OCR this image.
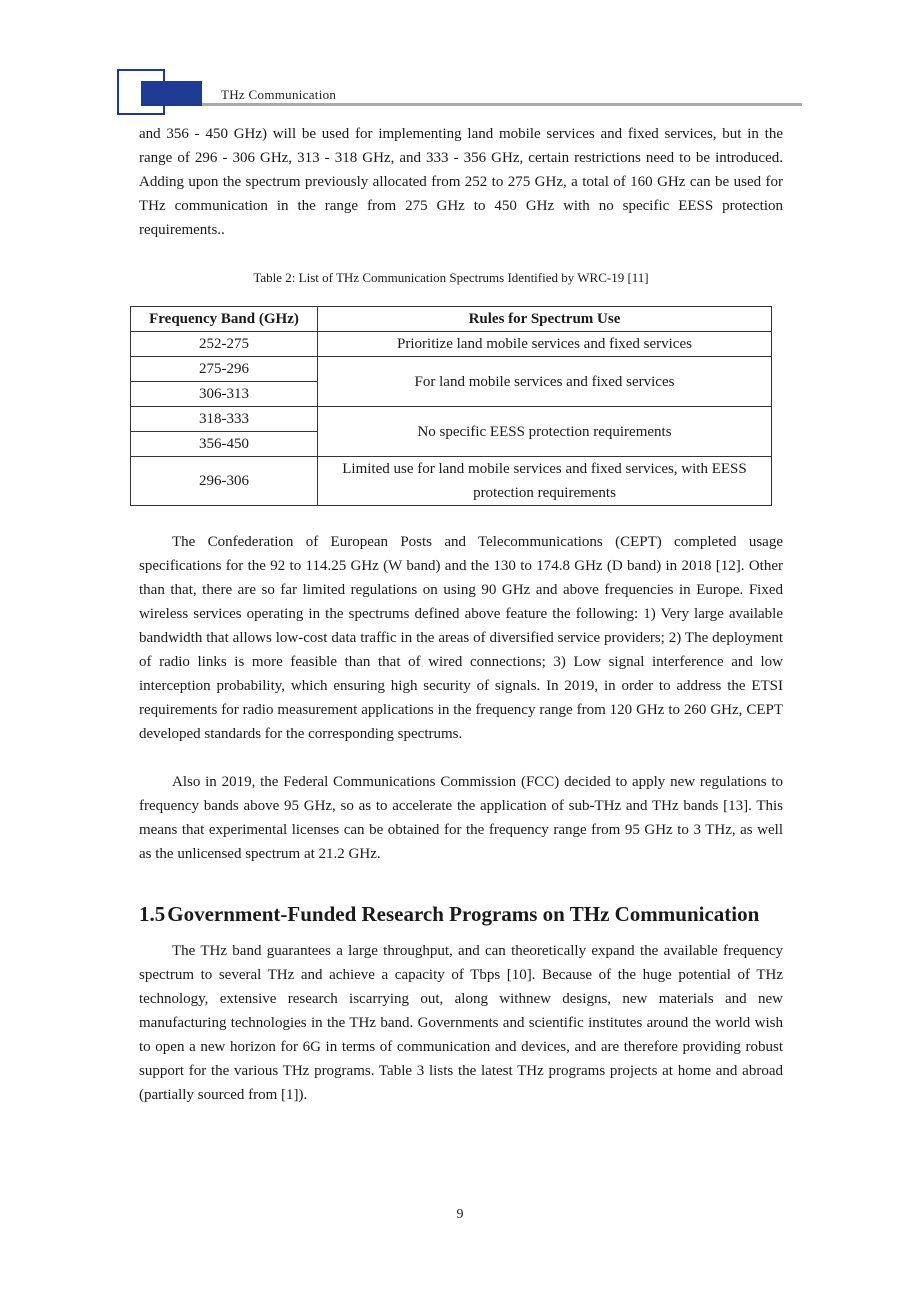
THz Communication

and 356 - 450 GHz) will be used for implementing land mobile services and fixed services, but in the range of 296 - 306 GHz, 313 - 318 GHz, and 333 - 356 GHz, certain restrictions need to be introduced. Adding upon the spectrum previously allocated from 252 to 275 GHz, a total of 160 GHz can be used for THz communication in the range from 275 GHz to 450 GHz with no specific EESS protection requirements..

Table 2: List of THz Communication Spectrums Identified by WRC-19 [11]
Frequency Band (GHz)	Rules for Spectrum Use
252-275	Prioritize land mobile services and fixed services
275-296	For land mobile services and fixed services
306-313	
318-333	No specific EESS protection requirements
356-450	
296-306	Limited use for land mobile services and fixed services, with EESS protection requirements

The Confederation of European Posts and Telecommunications (CEPT) completed usage specifications for the 92 to 114.25 GHz (W band) and the 130 to 174.8 GHz (D band) in 2018 [12]. Other than that, there are so far limited regulations on using 90 GHz and above frequencies in Europe. Fixed wireless services operating in the spectrums defined above feature the following: 1) Very large available bandwidth that allows low-cost data traffic in the areas of diversified service providers; 2) The deployment of radio links is more feasible than that of wired connections; 3) Low signal interference and low interception probability, which ensuring high security of signals. In 2019, in order to address the ETSI requirements for radio measurement applications in the frequency range from 120 GHz to 260 GHz, CEPT developed standards for the corresponding spectrums.

Also in 2019, the Federal Communications Commission (FCC) decided to apply new regulations to frequency bands above 95 GHz, so as to accelerate the application of sub-THz and THz bands [13]. This means that experimental licenses can be obtained for the frequency range from 95 GHz to 3 THz, as well as the unlicensed spectrum at 21.2 GHz.

1.5Government-Funded Research Programs on THz Communication

The THz band guarantees a large throughput, and can theoretically expand the available frequency spectrum to several THz and achieve a capacity of Tbps [10]. Because of the huge potential of THz technology, extensive research iscarrying out, along withnew designs, new materials and new manufacturing technologies in the THz band. Governments and scientific institutes around the world wish to open a new horizon for 6G in terms of communication and devices, and are therefore providing robust support for the various THz programs. Table 3 lists the latest THz programs projects at home and abroad (partially sourced from [1]).

9
